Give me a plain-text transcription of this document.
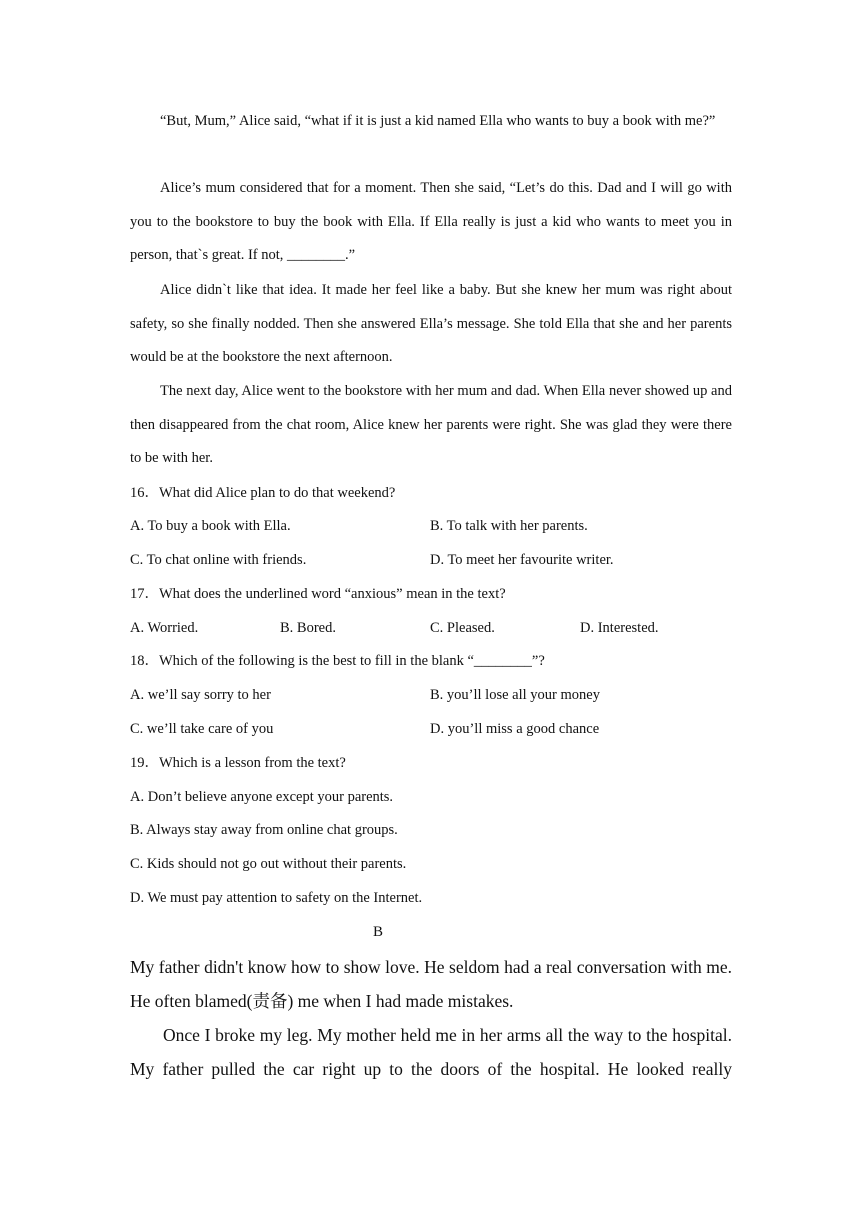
“But, Mum,” Alice said, “what if it is just a kid named Ella who wants to buy a book with me?”

Alice’s mum considered that for a moment. Then she said, “Let’s do this. Dad and I will go with you to the bookstore to buy the book with Ella. If Ella really is just a kid who wants to meet you in person, that`s great. If not, ________.”

Alice didn`t like that idea. It made her feel like a baby. But she knew her mum was right about safety, so she finally nodded. Then she answered Ella’s message. She told Ella that she and her parents would be at the bookstore the next afternoon.

The next day, Alice went to the bookstore with her mum and dad. When Ella never showed up and then disappeared from the chat room, Alice knew her parents were right. She was glad they were there to be with her.

16．What did Alice plan to do that weekend?

A. To buy a book with Ella.	B. To talk with her parents.
C. To chat online with friends.	D. To meet her favourite writer.

17．What does the underlined word “anxious” mean in the text?

A. Worried.	B. Bored.	C. Pleased.	D. Interested.

18．Which of the following is the best to fill in the blank “________”?

A. we’ll say sorry to her	B. you’ll lose all your money
C. we’ll take care of you	D. you’ll miss a good chance

19．Which is a lesson from the text?

A. Don’t believe anyone except your parents.

B. Always stay away from online chat groups.

C. Kids should not go out without their parents.

D. We must pay attention to safety on the Internet.

B

My father didn't know how to show love. He seldom had a real conversation with me. He often blamed(责备) me when I had made mistakes.

Once I broke my leg. My mother held me in her arms all the way to the hospital. My father pulled the car right up to the doors of the hospital. He looked really
